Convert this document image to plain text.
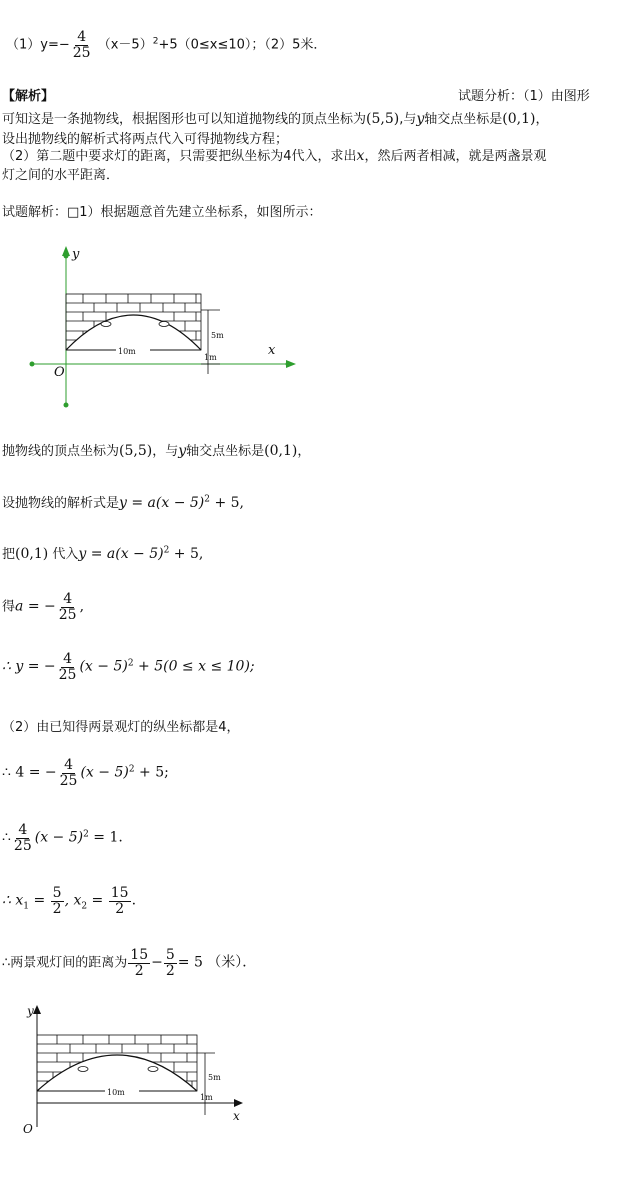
$(1)y=- \frac{4}{25} (x-5)^2+5(0\le x\le 10)$；（2）5米．
【解析】	试题分析：（1）由图形
可知这是一条抛物线，根据图形也可以知道抛物线的顶点坐标为(5,5),与y轴交点坐标是(0,1)，
设出抛物线的解析式将两点代入可得抛物线方程；
（2）第二题中要求灯的距离，只需要把纵坐标为4代入，求出x，然后两者相减，就是两盏景观
灯之间的水平距离．
试题解析：□1）根据题意首先建立坐标系，如图所示：
10m
5m
1m
y
x
O
抛物线的顶点坐标为(5,5)，与y轴交点坐标是(0,1)，
设抛物线的解析式是$y = a(x - 5)^2 + 5$,
把(0,1) 代入$y = a(x - 5)^2 + 5$,
得a = − $\frac{4}{25}$ ,
∴ y = − $\frac{4}{25} (x - 5)^2 + 5(0 \le x \le 10)$;
（2）由已知得两景观灯的纵坐标都是4，
∴ 4 = − $\frac{4}{25} (x - 5)^2 + 5$;
∴ $\frac{4}{25} (x - 5)^2 = 1$.
∴ $x_1 = \frac{5}{2}$ , $x_2 = \frac{15}{2}$ .
∴两景观灯间的距离为 $\frac{15}{2} - \frac{5}{2} = 5$ （米）．
10m
5m
1m
y
x
O
